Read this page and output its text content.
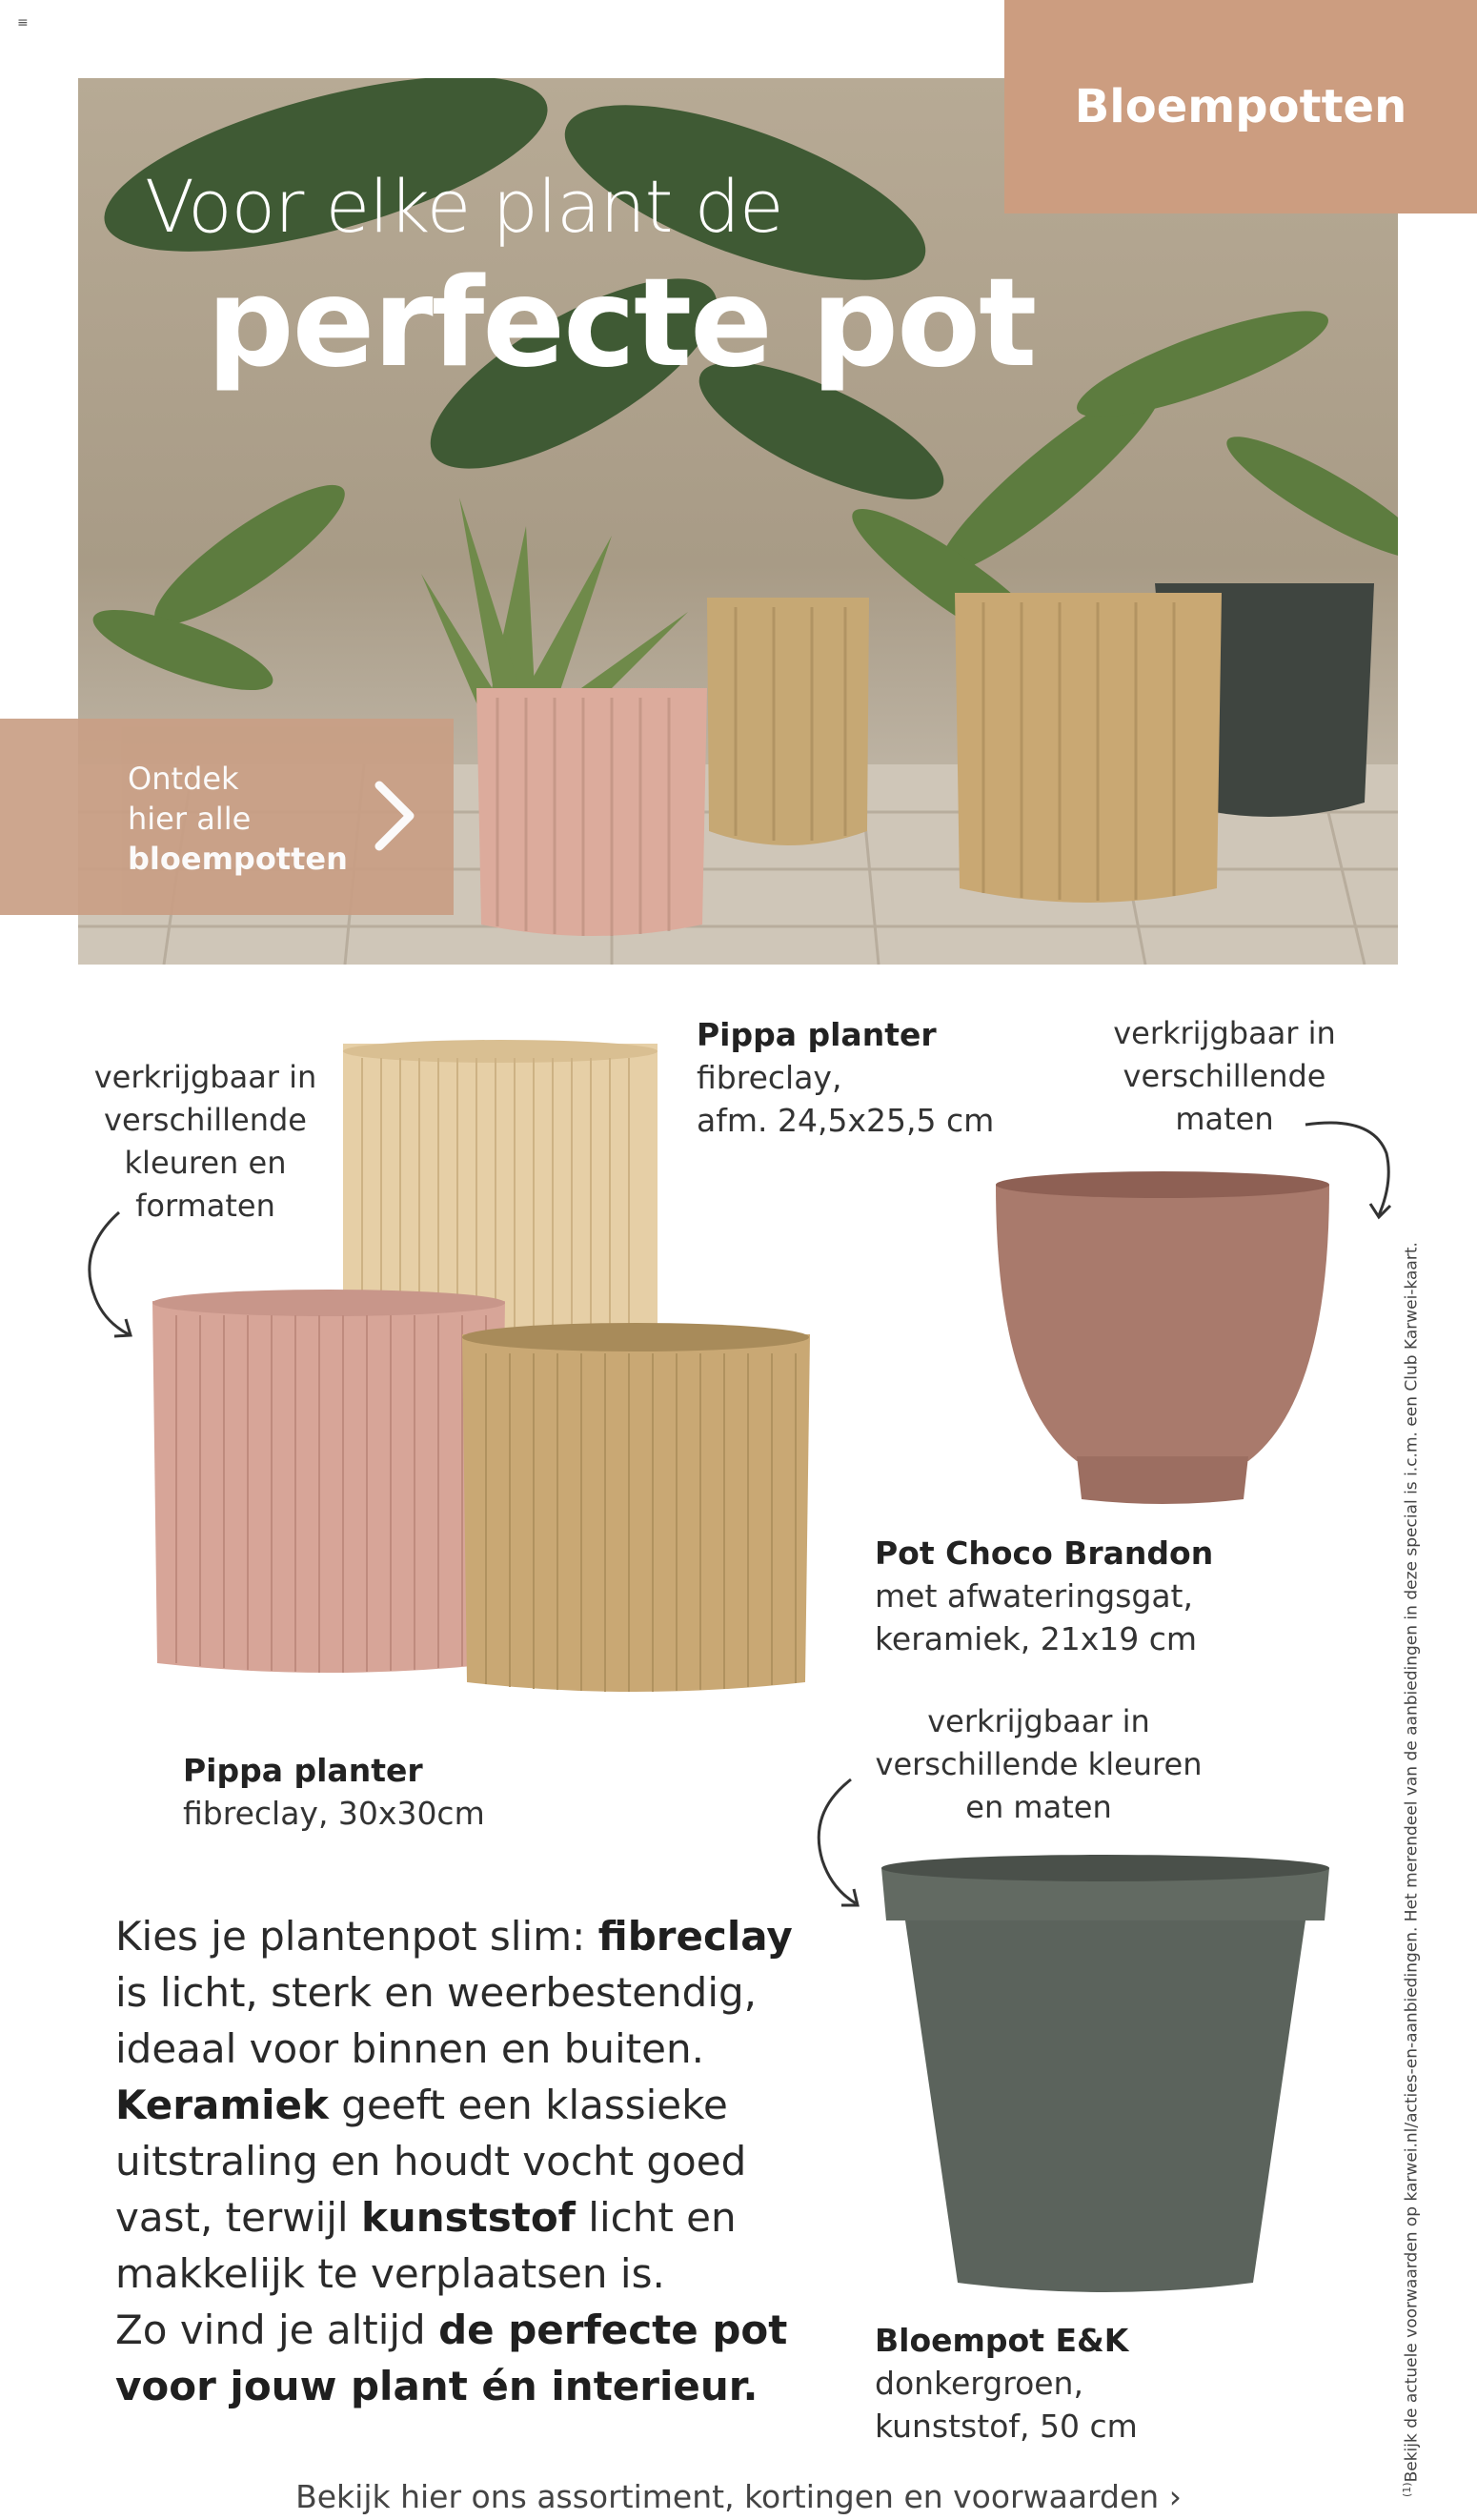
≡
Voor elke plant de
perfecte pot
Bloempotten
Ontdek
hier alle
bloempotten
verkrijgbaar in
verschillende
kleuren en
formaten
verkrijgbaar in
verschillende
maten
verkrijgbaar in
verschillende kleuren
en maten
Pippa planter
fibreclay,
afm. 24,5x25,5 cm
Pippa planter
fibreclay, 30x30cm
Pot Choco Brandon
met afwateringsgat,
keramiek, 21x19 cm
Bloempot E&K
donkergroen,
kunststof, 50 cm
Kies je plantenpot slim: fibreclay
is licht, sterk en weerbestendig,
ideaal voor binnen en buiten.
Keramiek geeft een klassieke
uitstraling en houdt vocht goed
vast, terwijl kunststof licht en
makkelijk te verplaatsen is.
Zo vind je altijd de perfecte pot
voor jouw plant én interieur.
Bekijk hier ons assortiment, kortingen en voorwaarden ›	$^{(1)}$Bekijk de actuele voorwaarden op karwei.nl/acties-en-aanbiedingen. Het merendeel van de aanbiedingen in deze special is i.c.m. een Club Karwei-kaart.
